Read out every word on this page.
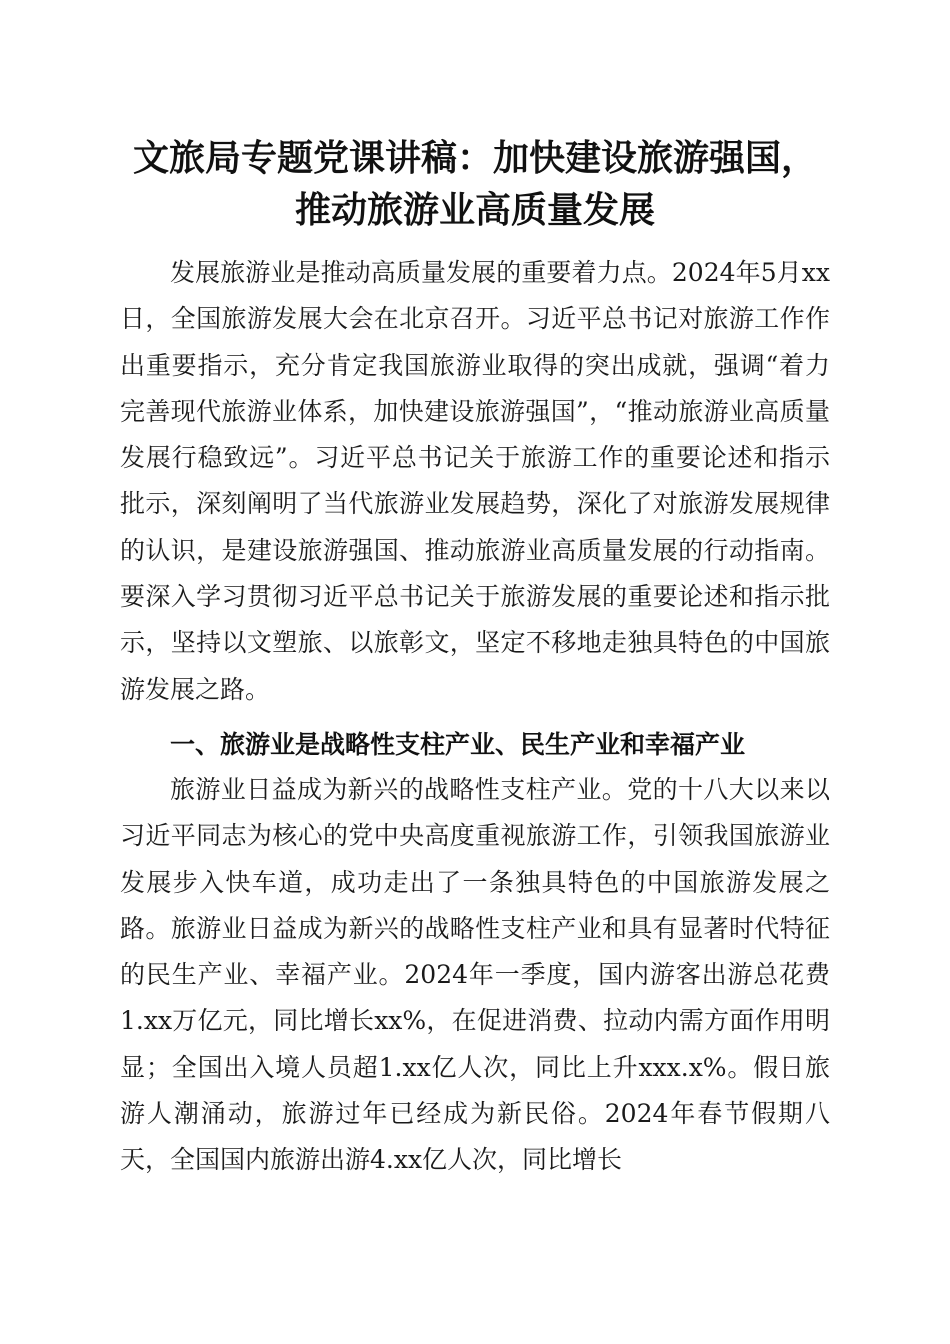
文旅局专题党课讲稿：加快建设旅游强国，推动旅游业高质量发展

发展旅游业是推动高质量发展的重要着力点。2024年5月xx日，全国旅游发展大会在北京召开。习近平总书记对旅游工作作出重要指示，充分肯定我国旅游业取得的突出成就，强调“着力完善现代旅游业体系，加快建设旅游强国”，“推动旅游业高质量发展行稳致远”。习近平总书记关于旅游工作的重要论述和指示批示，深刻阐明了当代旅游业发展趋势，深化了对旅游发展规律的认识，是建设旅游强国、推动旅游业高质量发展的行动指南。要深入学习贯彻习近平总书记关于旅游发展的重要论述和指示批示，坚持以文塑旅、以旅彰文，坚定不移地走独具特色的中国旅游发展之路。

一、旅游业是战略性支柱产业、民生产业和幸福产业

旅游业日益成为新兴的战略性支柱产业。党的十八大以来以习近平同志为核心的党中央高度重视旅游工作，引领我国旅游业发展步入快车道，成功走出了一条独具特色的中国旅游发展之路。旅游业日益成为新兴的战略性支柱产业和具有显著时代特征的民生产业、幸福产业。2024年一季度，国内游客出游总花费1.xx万亿元，同比增长xx%，在促进消费、拉动内需方面作用明显；全国出入境人员超1.xx亿人次，同比上升xxx.x%。假日旅游人潮涌动，旅游过年已经成为新民俗。2024年春节假期八天，全国国内旅游出游4.xx亿人次，同比增长
